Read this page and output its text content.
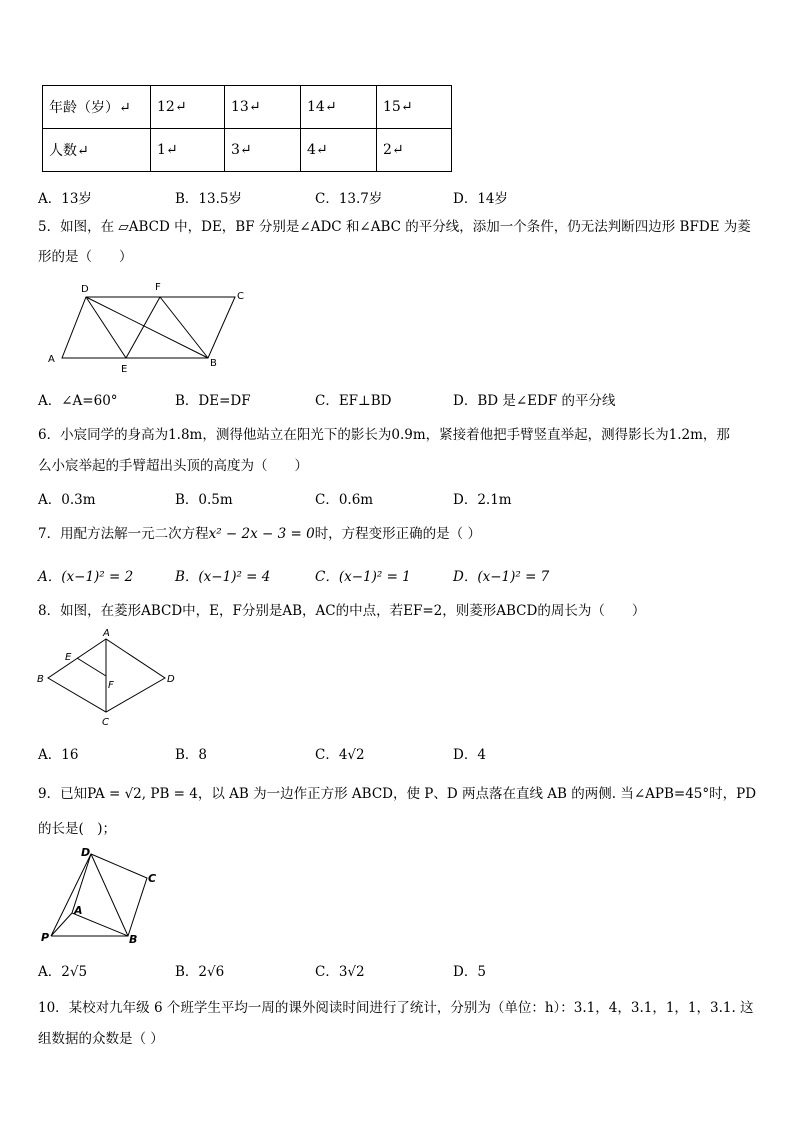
年龄（岁）↵	12↵	13↵	14↵	15↵
人数↵	1↵	3↵	4↵	2↵
A．13岁	B．13.5岁	C．13.7岁	D．14岁
5．如图，在 ▱ABCD 中，DE，BF 分别是∠ADC 和∠ABC 的平分线，添加一个条件，仍无法判断四边形 BFDE 为菱
形的是（　　）
D	F
C
A
E
B
A．∠A=60°	B．DE=DF	C．EF⊥BD	D．BD 是∠EDF 的平分线
6．小宸同学的身高为1.8m，测得他站立在阳光下的影长为0.9m，紧接着他把手臂竖直举起，测得影长为1.2m，那
么小宸举起的手臂超出头顶的高度为（　　）
A．0.3m	B．0.5m	C．0.6m	D．2.1m
7．用配方法解一元二次方程x² − 2x − 3 = 0时，方程变形正确的是（ ）
A．(x−1)² = 2	B．(x−1)² = 4	C．(x−1)² = 1	D．(x−1)² = 7
8．如图，在菱形ABCD中，E，F分别是AB，AC的中点，若EF=2，则菱形ABCD的周长为（　　）
A
B
C
D
E
F
A．16	B．8	C．4√2	D．4
9．已知PA = √2, PB = 4，以 AB 为一边作正方形 ABCD，使 P、D 两点落在直线 AB 的两侧. 当∠APB=45°时，PD
的长是(　)；
D
C
A
P	B
A．2√5	B．2√6	C．3√2	D．5
10．某校对九年级 6 个班学生平均一周的课外阅读时间进行了统计，分别为（单位：h）：3.1，4，3.1，1，1，3.1. 这
组数据的众数是（ ）
